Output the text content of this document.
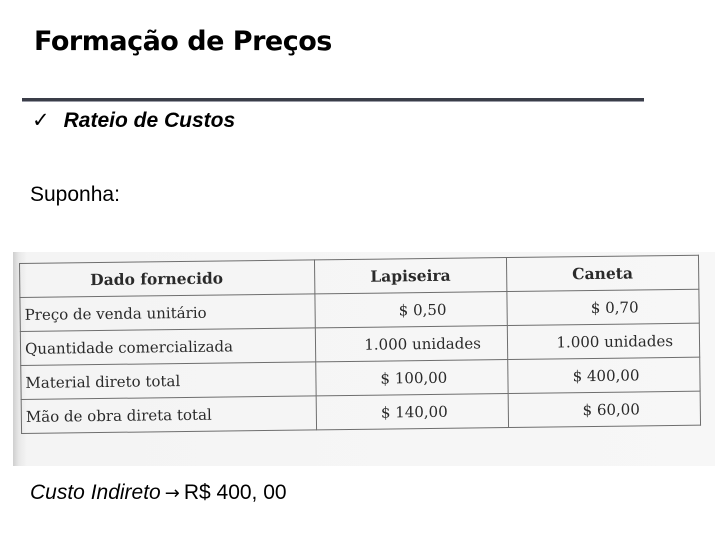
Formação de Preços
✓ Rateio de Custos
Suponha:
Dado fornecido	Lapiseira	Caneta
Preço de venda unitário	$ 0,50	$ 0,70
Quantidade comercializada	1.000 unidades	1.000 unidades
Material direto total	$ 100,00	$ 400,00
Mão de obra direta total	$ 140,00	$ 60,00
Custo Indireto → R$ 400, 00
